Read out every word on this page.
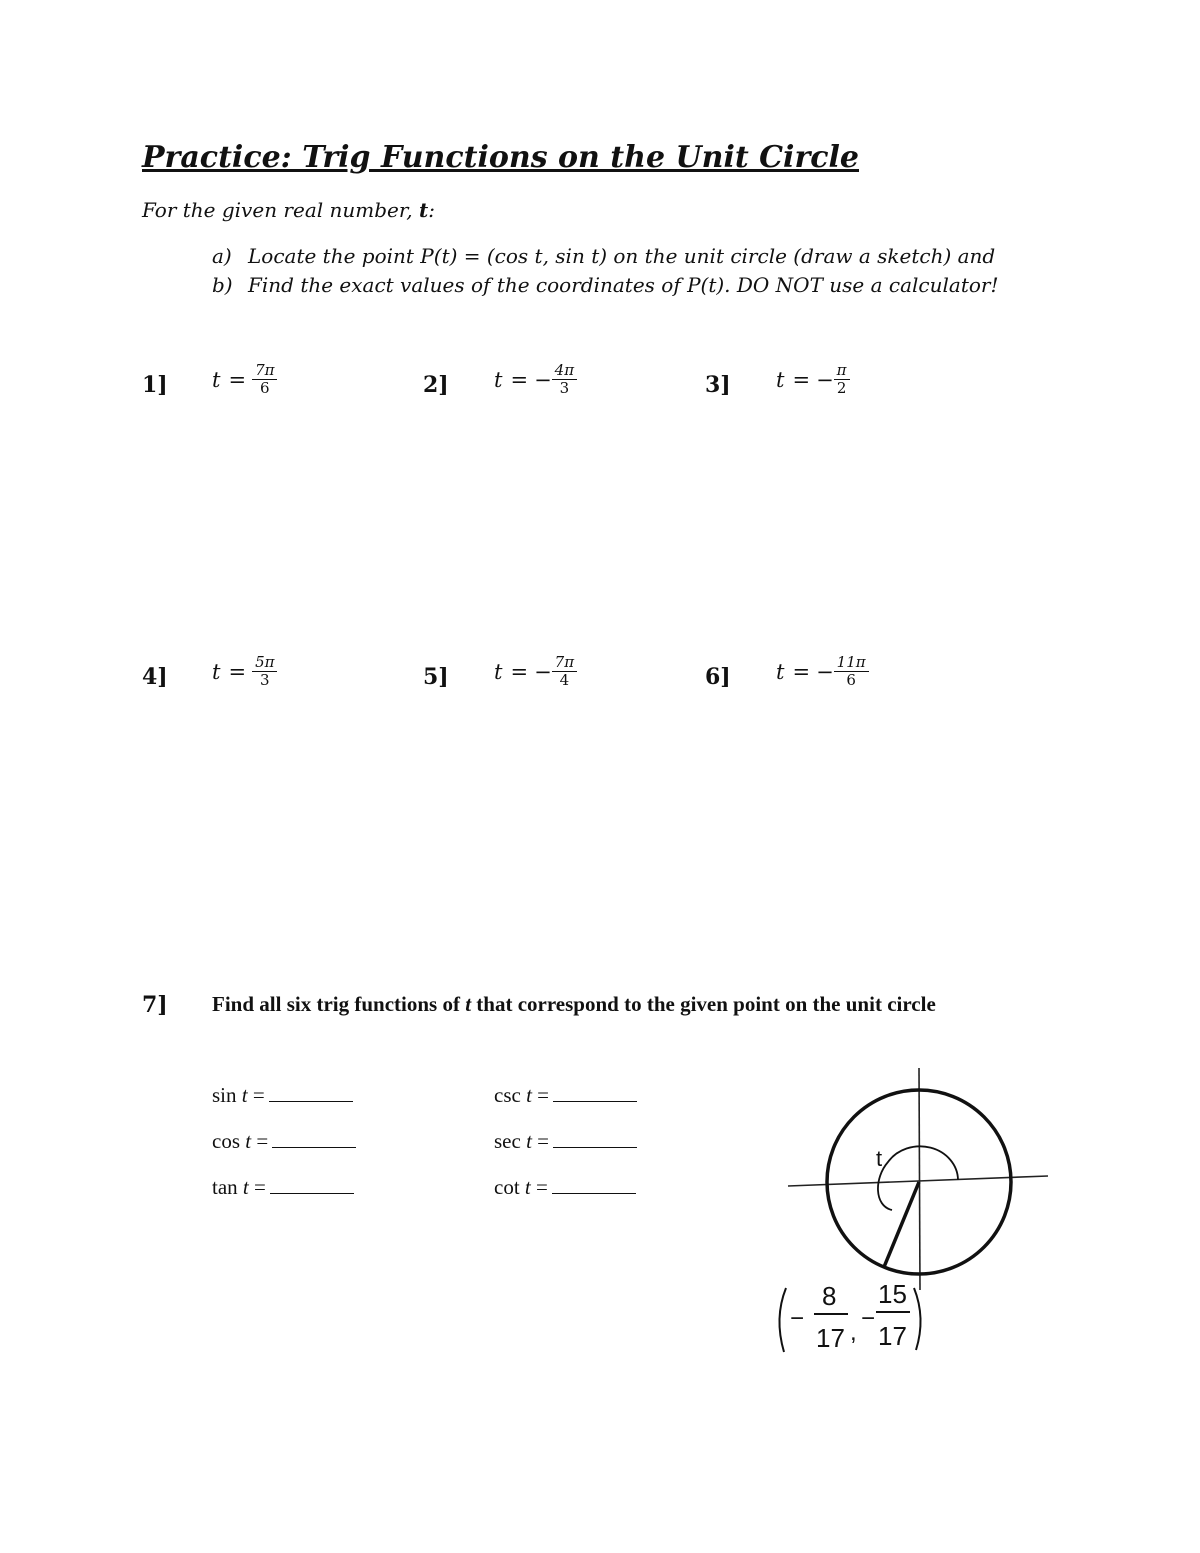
Practice: Trig Functions on the Unit Circle
For the given real number, t:
a) Locate the point P(t) = (cos t, sin t) on the unit circle (draw a sketch) and
b) Find the exact values of the coordinates of P(t). DO NOT use a calculator!
1] $t = \frac{7\pi}{6}$	2] t = − $\frac{4\pi}{3}$	3] t = − $\frac{\pi}{2}$
4] $t = \frac{5\pi}{3}$	5] t = − $\frac{7\pi}{4}$	6] t = − $\frac{11\pi}{6}$
7] Find all six trig functions of t that correspond to the given point on the unit circle
sin t =	csc t =
cos t =	sec t =
tan t =	cot t =
t
−
8
17 ,
−
15
17
